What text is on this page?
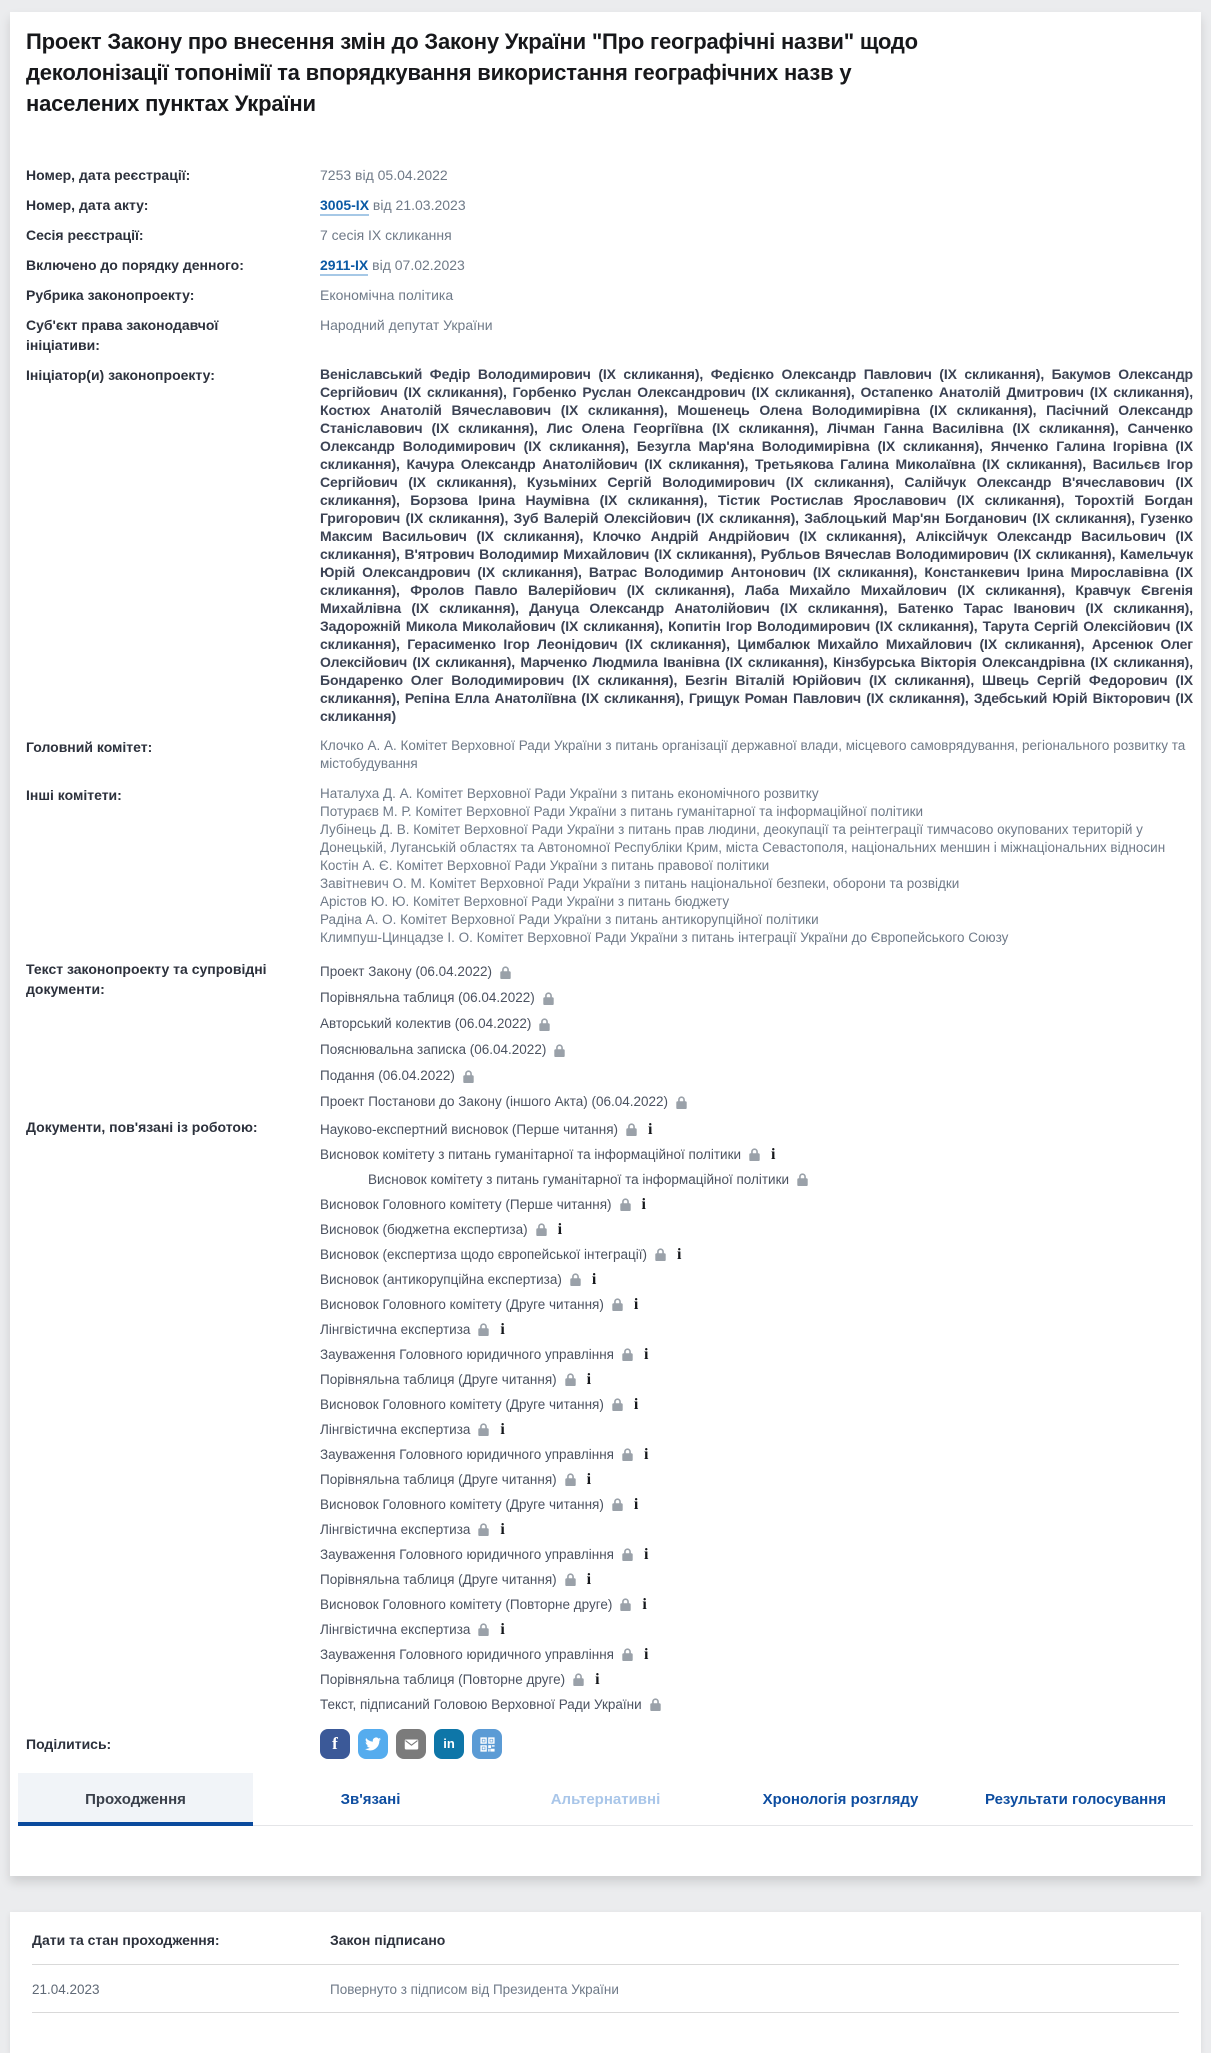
Проект Закону про внесення змін до Закону України "Про географічні назви" щодо деколонізації топонімії та впорядкування використання географічних назв у населених пунктах України
Номер, дата реєстрації:	7253 від 05.04.2022
Номер, дата акту:	3005-IX від 21.03.2023
Сесія реєстрації:	7 сесія IX скликання
Включено до порядку денного:	2911-IX від 07.02.2023
Рубрика законопроекту:	Економічна політика
Суб'єкт права законодавчої ініціативи:
Народний депутат України
Ініціатор(и) законопроекту:	Веніславський Федір Володимирович (IX скликання), Федієнко Олександр Павлович (IX скликання), Бакумов Олександр Сергійович (IX скликання), Горбенко Руслан Олександрович (IX скликання), Остапенко Анатолій Дмитрович (IX скликання), Костюх Анатолій Вячеславович (IX скликання), Мошенець Олена Володимирівна (IX скликання), Пасічний Олександр Станіславович (IX скликання), Лис Олена Георгіївна (IX скликання), Лічман Ганна Василівна (IX скликання), Санченко Олександр Володимирович (IX скликання), Безугла Мар'яна Володимирівна (IX скликання), Янченко Галина Ігорівна (IX скликання), Качура Олександр Анатолійович (IX скликання), Третьякова Галина Миколаївна (IX скликання), Васильєв Ігор Сергійович (IX скликання), Кузьміних Сергій Володимирович (IX скликання), Салійчук Олександр В'ячеславович (IX скликання), Борзова Ірина Наумівна (IX скликання), Тістик Ростислав Ярославович (IX скликання), Торохтій Богдан Григорович (IX скликання), Зуб Валерій Олексійович (IX скликання), Заблоцький Мар'ян Богданович (IX скликання), Гузенко Максим Васильович (IX скликання), Клочко Андрій Андрійович (IX скликання), Аліксійчук Олександр Васильович (IX скликання), В'ятрович Володимир Михайлович (IX скликання), Рубльов Вячеслав Володимирович (IX скликання), Камельчук Юрій Олександрович (IX скликання), Ватрас Володимир Антонович (IX скликання), Констанкевич Ірина Мирославівна (IX скликання), Фролов Павло Валерійович (IX скликання), Лаба Михайло Михайлович (IX скликання), Кравчук Євгенія Михайлівна (IX скликання), Дануца Олександр Анатолійович (IX скликання), Батенко Тарас Іванович (IX скликання), Задорожній Микола Миколайович (IX скликання), Копитін Ігор Володимирович (IX скликання), Тарута Сергій Олексійович (IX скликання), Герасименко Ігор Леонідович (IX скликання), Цимбалюк Михайло Михайлович (IX скликання), Арсенюк Олег Олексійович (IX скликання), Марченко Людмила Іванівна (IX скликання), Кінзбурська Вікторія Олександрівна (IX скликання), Бондаренко Олег Володимирович (IX скликання), Безгін Віталій Юрійович (IX скликання), Швець Сергій Федорович (IX скликання), Репіна Елла Анатоліївна (IX скликання), Грищук Роман Павлович (IX скликання), Здебський Юрій Вікторович (IX скликання)
Головний комітет:	Клочко А. А. Комітет Верховної Ради України з питань організації державної влади, місцевого самоврядування, регіонального розвитку та містобудування
Інші комітети:	Наталуха Д. А. Комітет Верховної Ради України з питань економічного розвитку
Потураєв М. Р. Комітет Верховної Ради України з питань гуманітарної та інформаційної політики
Лубінець Д. В. Комітет Верховної Ради України з питань прав людини, деокупації та реінтеграції тимчасово окупованих територій у Донецькій, Луганській областях та Автономної Республіки Крим, міста Севастополя, національних меншин і міжнаціональних відносин
Костін А. Є. Комітет Верховної Ради України з питань правової політики
Завітневич О. М. Комітет Верховної Ради України з питань національної безпеки, оборони та розвідки
Арістов Ю. Ю. Комітет Верховної Ради України з питань бюджету
Радіна А. О. Комітет Верховної Ради України з питань антикорупційної політики
Климпуш-Цинцадзе І. О. Комітет Верховної Ради України з питань інтеграції України до Європейського Союзу
Текст законопроекту та супровідні документи:
Проект Закону (06.04.2022)
Порівняльна таблиця (06.04.2022)
Авторський колектив (06.04.2022)
Пояснювальна записка (06.04.2022)
Подання (06.04.2022)
Проект Постанови до Закону (іншого Акта) (06.04.2022)
Документи, пов'язані із роботою:	Науково-експертний висновок (Перше читання)
i
Висновок комітету з питань гуманітарної та інформаційної політики
i
Висновок комітету з питань гуманітарної та інформаційної політики
Висновок Головного комітету (Перше читання)
i
Висновок (бюджетна експертиза)
i
Висновок (експертиза щодо європейської інтеграції)
i
Висновок (антикорупційна експертиза)
i
Висновок Головного комітету (Друге читання)
i
Лінгвістична експертиза
i
Зауваження Головного юридичного управління
i
Порівняльна таблиця (Друге читання)
i
Висновок Головного комітету (Друге читання)
i
Лінгвістична експертиза
i
Зауваження Головного юридичного управління
i
Порівняльна таблиця (Друге читання)
i
Висновок Головного комітету (Друге читання)
i
Лінгвістична експертиза
i
Зауваження Головного юридичного управління
i
Порівняльна таблиця (Друге читання)
i
Висновок Головного комітету (Повторне друге)
i
Лінгвістична експертиза
i
Зауваження Головного юридичного управління
i
Порівняльна таблиця (Повторне друге)
i
Текст, підписаний Головою Верховної Ради України
Поділитись:	f	in
Проходження	Зв'язані	Альтернативні	Хронологія розгляду	Результати голосування
Дати та стан проходження:	Закон підписано
21.04.2023	Повернуто з підписом від Президента України
